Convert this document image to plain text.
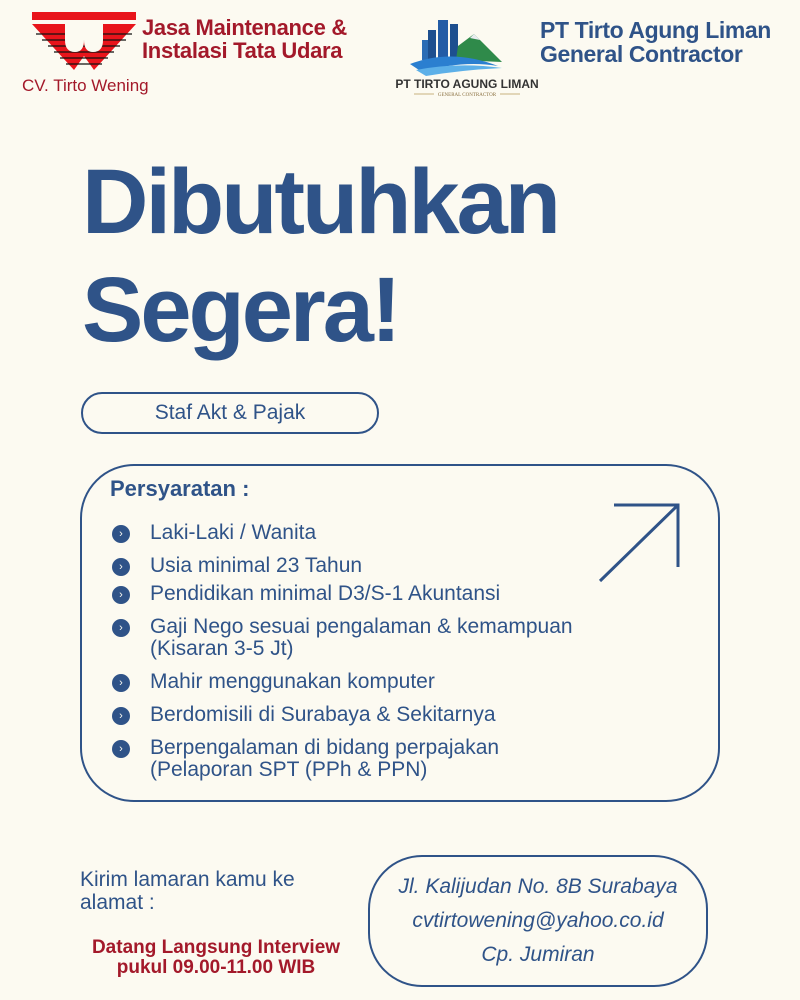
Jasa Maintenance &
Instalasi Tata Udara
CV. Tirto Wening	PT TIRTO AGUNG LIMAN
GENERAL CONTRACTOR
PT Tirto Agung Liman
General Contractor
Dibutuhkan
Segera!
Staf Akt & Pajak
Persyaratan :
›	Laki-Laki / Wanita
›	Usia minimal 23 Tahun
›	Pendidikan minimal D3/S-1 Akuntansi
›	Gaji Nego sesuai pengalaman & kemampuan
(Kisaran 3-5 Jt)
›	Mahir menggunakan komputer
›	Berdomisili di Surabaya & Sekitarnya
›	Berpengalaman di bidang perpajakan
(Pelaporan SPT (PPh & PPN)
Kirim lamaran kamu ke
alamat :
Datang Langsung Interview
pukul 09.00-11.00 WIB
Jl. Kalijudan No. 8B Surabaya
cvtirtowening@yahoo.co.id
Cp. Jumiran
